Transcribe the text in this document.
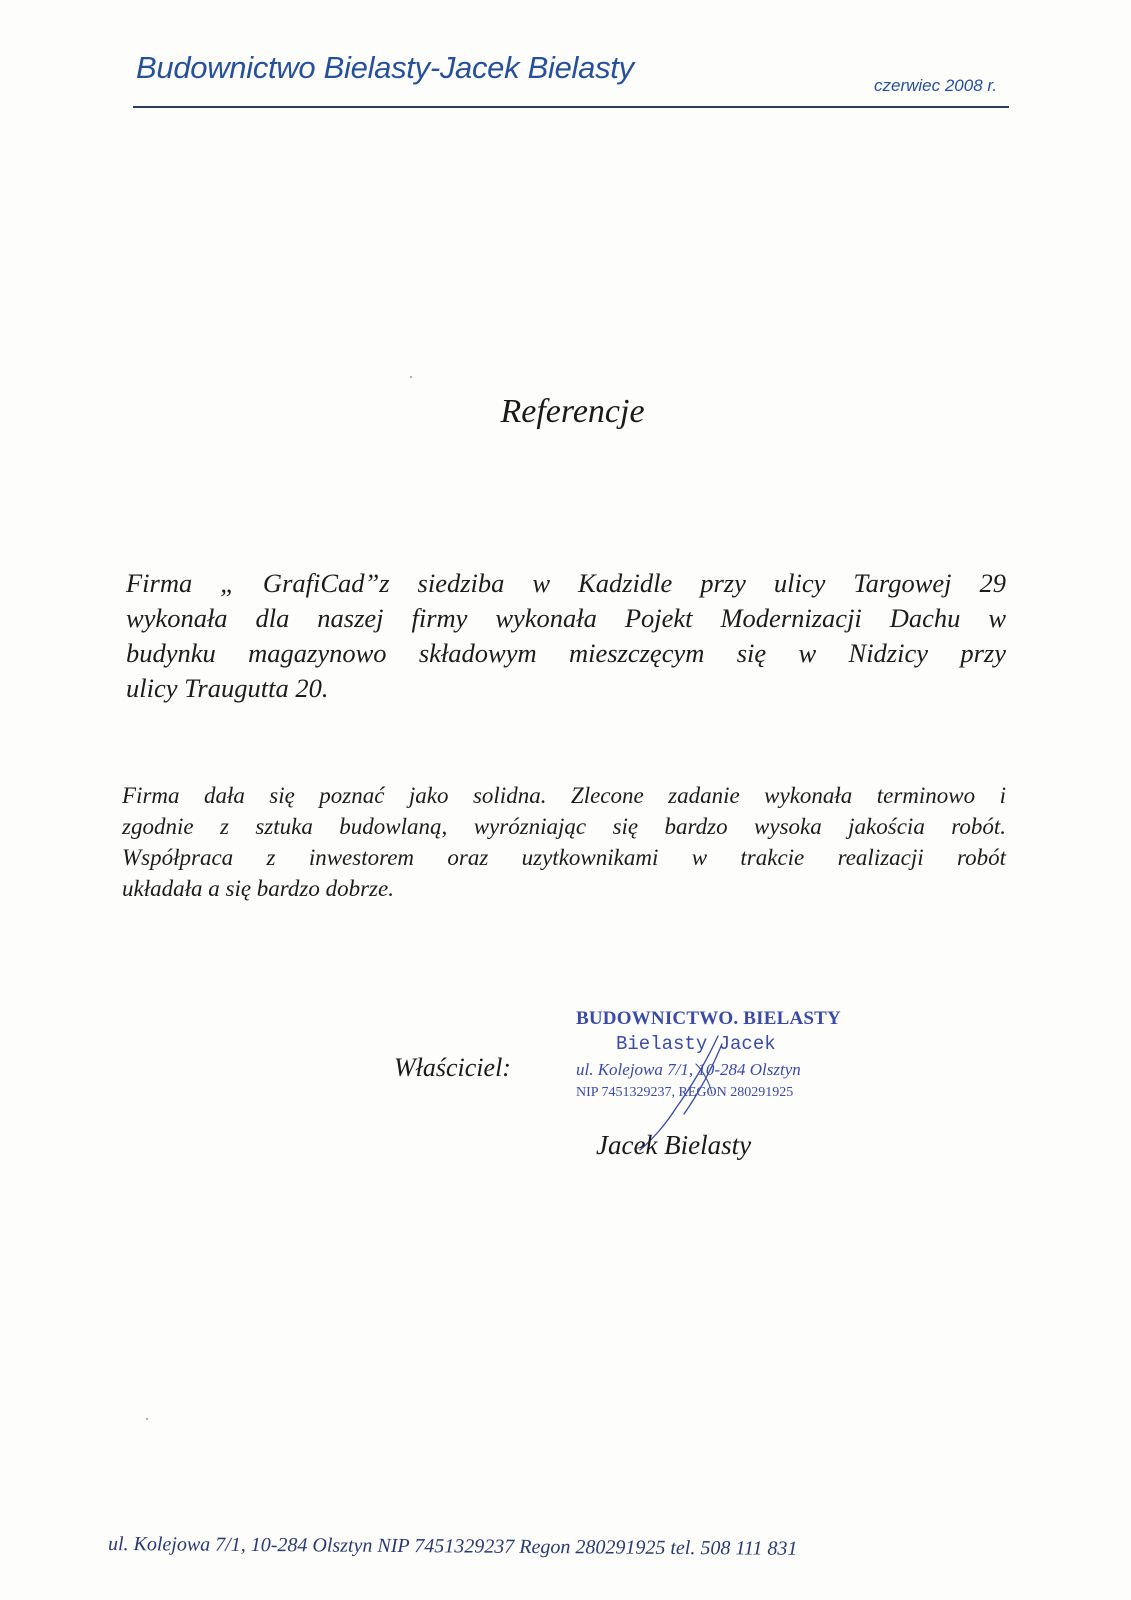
Budownictwo Bielasty-Jacek Bielasty
czerwiec 2008 r.
Referencje
Firma „ GrafiCad”z siedziba w Kadzidle przy ulicy Targowej 29
wykonała dla naszej firmy wykonała Pojekt Modernizacji Dachu w
budynku magazynowo składowym mieszczęcym się w Nidzicy przy
ulicy Traugutta 20.
Firma dała się poznać jako solidna. Zlecone zadanie wykonała terminowo i
zgodnie z sztuka budowlaną, wyrózniając się bardzo wysoka jakościa robót.
Współpraca z inwestorem oraz uzytkownikami w trakcie realizacji robót
układała a się bardzo dobrze.
Właściciel:
BUDOWNICTWO. BIELASTY
Bielasty Jacek
ul. Kolejowa 7/1, 10-284 Olsztyn
NIP 7451329237, REGON 280291925
Jacek Bielasty
ul. Kolejowa 7/1, 10-284 Olsztyn NIP 7451329237 Regon 280291925 tel. 508 111 831
